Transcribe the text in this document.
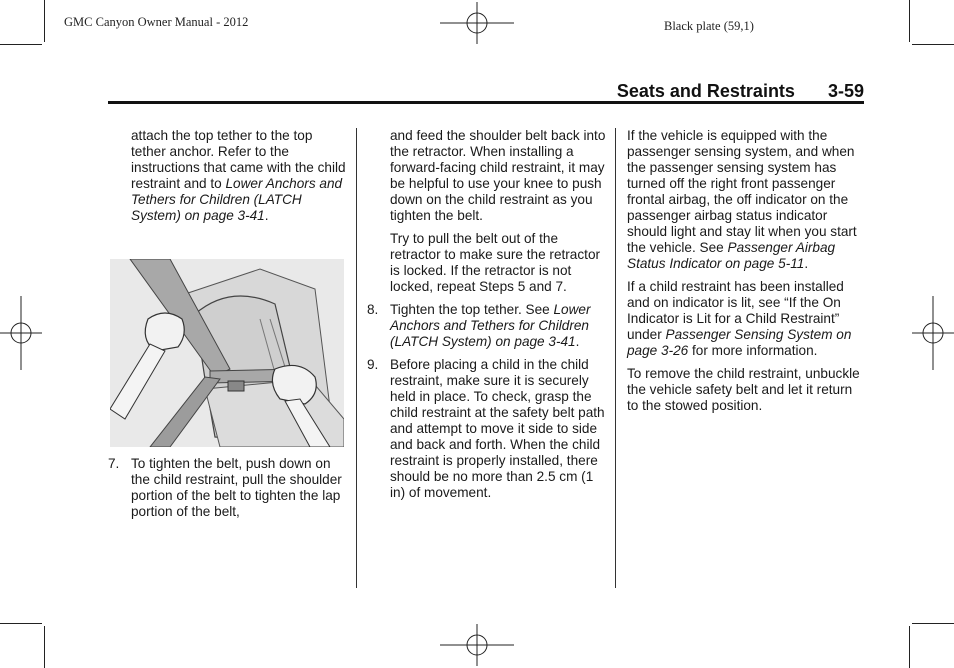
GMC Canyon Owner Manual - 2012	Black plate (59,1)
Seats and Restraints 3-59

attach the top tether to the top tether anchor. Refer to the instructions that came with the child restraint and to Lower Anchors and Tethers for Children (LATCH System) on page 3-41.

7. To tighten the belt, push down on the child restraint, pull the shoulder portion of the belt to tighten the lap portion of the belt,

and feed the shoulder belt back into the retractor. When installing a forward-facing child restraint, it may be helpful to use your knee to push down on the child restraint as you tighten the belt.

Try to pull the belt out of the retractor to make sure the retractor is locked. If the retractor is not locked, repeat Steps 5 and 7.

8. Tighten the top tether. See Lower Anchors and Tethers for Children (LATCH System) on page 3-41.
9. Before placing a child in the child restraint, make sure it is securely held in place. To check, grasp the child restraint at the safety belt path and attempt to move it side to side and back and forth. When the child restraint is properly installed, there should be no more than 2.5 cm (1 in) of movement.

If the vehicle is equipped with the passenger sensing system, and when the passenger sensing system has turned off the right front passenger frontal airbag, the off indicator on the passenger airbag status indicator should light and stay lit when you start the vehicle. See Passenger Airbag Status Indicator on page 5-11.

If a child restraint has been installed and on indicator is lit, see “If the On Indicator is Lit for a Child Restraint” under Passenger Sensing System on page 3-26 for more information.

To remove the child restraint, unbuckle the vehicle safety belt and let it return to the stowed position.
